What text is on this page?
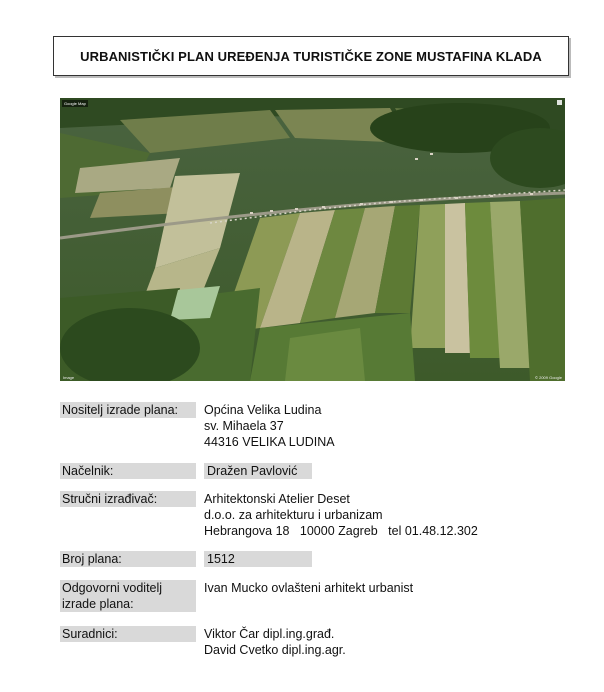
URBANISTIČKI PLAN UREĐENJA TURISTIČKE ZONE MUSTAFINA KLADA
Google Map
Image	© 2009 Google
Nositelj izrade plana:	Općina Velika Ludina
sv. Mihaela 37
44316 VELIKA LUDINA
Načelnik:	Dražen Pavlović
Stručni izrađivač:	Arhitektonski Atelier Deset
d.o.o. za arhitekturu i urbanizam
Hebrangova 18   10000 Zagreb   tel 01.48.12.302
Broj plana:	1512
Odgovorni voditelj
izrade plana:
Ivan Mucko ovlašteni arhitekt urbanist
Suradnici:	Viktor Čar dipl.ing.građ.
David Cvetko dipl.ing.agr.
